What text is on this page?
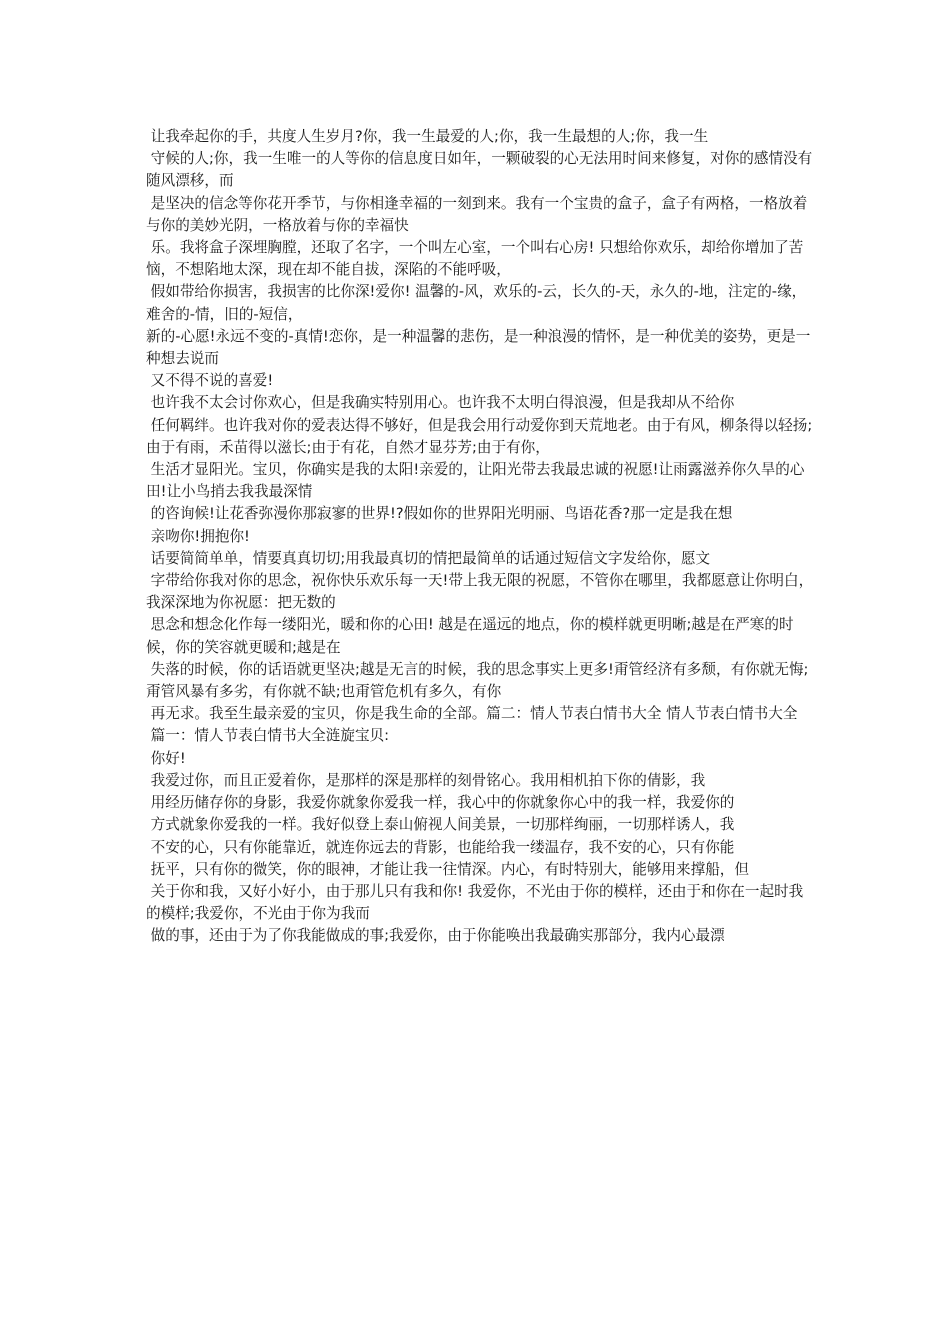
让我牵起你的手，共度人生岁月?你，我一生最爱的人;你，我一生最想的人;你，我一生

守候的人;你，我一生唯一的人等你的信息度日如年，一颗破裂的心无法用时间来修复，对你的感情没有随风漂移，而

是坚决的信念等你花开季节，与你相逢幸福的一刻到来。我有一个宝贵的盒子，盒子有两格，一格放着与你的美妙光阴，一格放着与你的幸福快

乐。我将盒子深埋胸膛，还取了名字，一个叫左心室，一个叫右心房! 只想给你欢乐，却给你增加了苦恼，不想陷地太深，现在却不能自拔，深陷的不能呼吸，

假如带给你损害，我损害的比你深!爱你! 温馨的-风，欢乐的-云，长久的-天，永久的-地，注定的-缘，难舍的-情，旧的-短信，

新的-心愿!永远不变的-真情!恋你，是一种温馨的悲伤，是一种浪漫的情怀，是一种优美的姿势，更是一种想去说而

又不得不说的喜爱!

也许我不太会讨你欢心，但是我确实特别用心。也许我不太明白得浪漫，但是我却从不给你

任何羁绊。也许我对你的爱表达得不够好，但是我会用行动爱你到天荒地老。由于有风，柳条得以轻扬;由于有雨，禾苗得以滋长;由于有花，自然才显芬芳;由于有你，

生活才显阳光。宝贝，你确实是我的太阳!亲爱的，让阳光带去我最忠诚的祝愿!让雨露滋养你久旱的心田!让小鸟捎去我我最深情

的咨询候!让花香弥漫你那寂寥的世界!?假如你的世界阳光明丽、鸟语花香?那一定是我在想

亲吻你!拥抱你!

话要简简单单，情要真真切切;用我最真切的情把最简单的话通过短信文字发给你，愿文

字带给你我对你的思念，祝你快乐欢乐每一天!带上我无限的祝愿，不管你在哪里，我都愿意让你明白，我深深地为你祝愿：把无数的

思念和想念化作每一缕阳光，暖和你的心田! 越是在遥远的地点，你的模样就更明晰;越是在严寒的时候，你的笑容就更暖和;越是在

失落的时候，你的话语就更坚决;越是无言的时候，我的思念事实上更多!甭管经济有多颓，有你就无悔;甭管风暴有多劣，有你就不缺;也甭管危机有多久，有你

再无求。我至生最亲爱的宝贝，你是我生命的全部。篇二：情人节表白情书大全 情人节表白情书大全

篇一：情人节表白情书大全涟旋宝贝:

你好!

我爱过你，而且正爱着你，是那样的深是那样的刻骨铭心。我用相机拍下你的倩影，我

用经历储存你的身影，我爱你就象你爱我一样，我心中的你就象你心中的我一样，我爱你的

方式就象你爱我的一样。我好似登上泰山俯视人间美景，一切那样绚丽，一切那样诱人，我

不安的心，只有你能靠近，就连你远去的背影，也能给我一缕温存，我不安的心，只有你能

抚平，只有你的微笑，你的眼神，才能让我一往情深。内心，有时特别大，能够用来撑船，但

关于你和我，又好小好小，由于那儿只有我和你! 我爱你，不光由于你的模样，还由于和你在一起时我的模样;我爱你，不光由于你为我而

做的事，还由于为了你我能做成的事;我爱你，由于你能唤出我最确实那部分，我内心最漂
